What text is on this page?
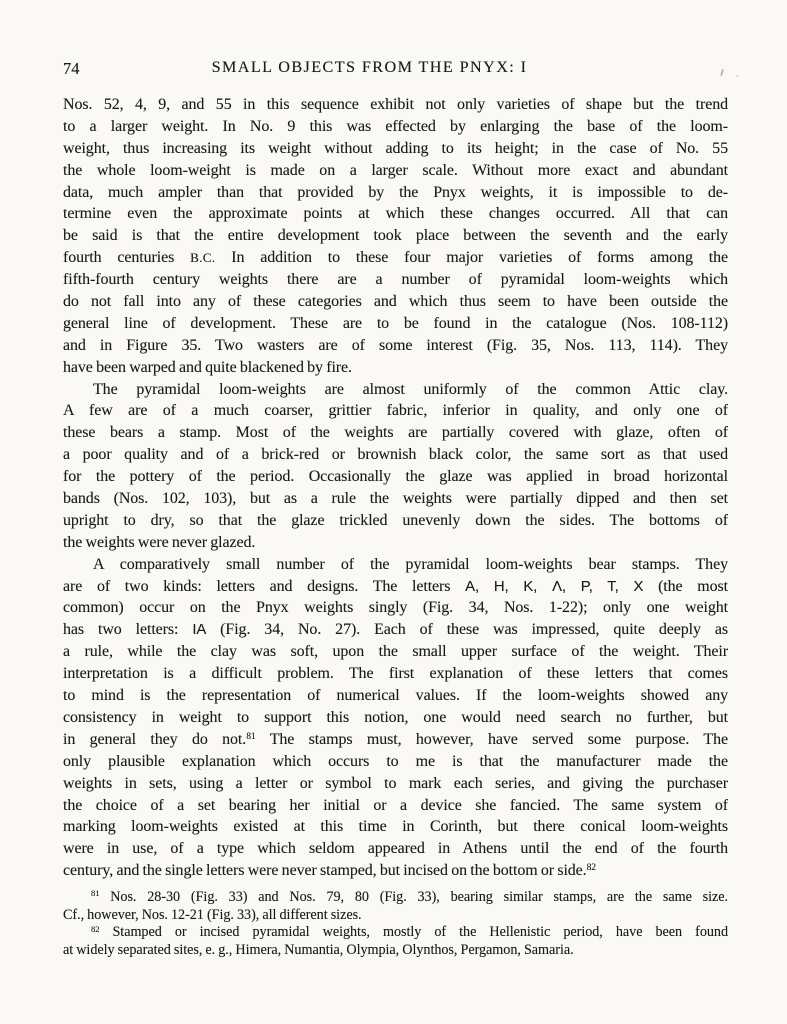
74	SMALL OBJECTS FROM THE PNYX: I
Nos. 52, 4, 9, and 55 in this sequence exhibit not only varieties of shape but the trend
to a larger weight. In No. 9 this was effected by enlarging the base of the loom-
weight, thus increasing its weight without adding to its height; in the case of No. 55
the whole loom-weight is made on a larger scale. Without more exact and abundant
data, much ampler than that provided by the Pnyx weights, it is impossible to de-
termine even the approximate points at which these changes occurred. All that can
be said is that the entire development took place between the seventh and the early
fourth centuries B.C. In addition to these four major varieties of forms among the
fifth-fourth century weights there are a number of pyramidal loom-weights which
do not fall into any of these categories and which thus seem to have been outside the
general line of development. These are to be found in the catalogue (Nos. 108-112)
and in Figure 35. Two wasters are of some interest (Fig. 35, Nos. 113, 114). They
have been warped and quite blackened by fire.
The pyramidal loom-weights are almost uniformly of the common Attic clay.
A few are of a much coarser, grittier fabric, inferior in quality, and only one of
these bears a stamp. Most of the weights are partially covered with glaze, often of
a poor quality and of a brick-red or brownish black color, the same sort as that used
for the pottery of the period. Occasionally the glaze was applied in broad horizontal
bands (Nos. 102, 103), but as a rule the weights were partially dipped and then set
upright to dry, so that the glaze trickled unevenly down the sides. The bottoms of
the weights were never glazed.
A comparatively small number of the pyramidal loom-weights bear stamps. They
are of two kinds: letters and designs. The letters A, H, K, Λ, P, T, X (the most
common) occur on the Pnyx weights singly (Fig. 34, Nos. 1-22); only one weight
has two letters: IA (Fig. 34, No. 27). Each of these was impressed, quite deeply as
a rule, while the clay was soft, upon the small upper surface of the weight. Their
interpretation is a difficult problem. The first explanation of these letters that comes
to mind is the representation of numerical values. If the loom-weights showed any
consistency in weight to support this notion, one would need search no further, but
in general they do not.$^{81}$ The stamps must, however, have served some purpose. The
only plausible explanation which occurs to me is that the manufacturer made the
weights in sets, using a letter or symbol to mark each series, and giving the purchaser
the choice of a set bearing her initial or a device she fancied. The same system of
marking loom-weights existed at this time in Corinth, but there conical loom-weights
were in use, of a type which seldom appeared in Athens until the end of the fourth
century, and the single letters were never stamped, but incised on the bottom or side.$^{82}$
$^{81}$ Nos. 28-30 (Fig. 33) and Nos. 79, 80 (Fig. 33), bearing similar stamps, are the same size.
Cf., however, Nos. 12-21 (Fig. 33), all different sizes.
$^{82}$ Stamped or incised pyramidal weights, mostly of the Hellenistic period, have been found
at widely separated sites, e. g., Himera, Numantia, Olympia, Olynthos, Pergamon, Samaria.
